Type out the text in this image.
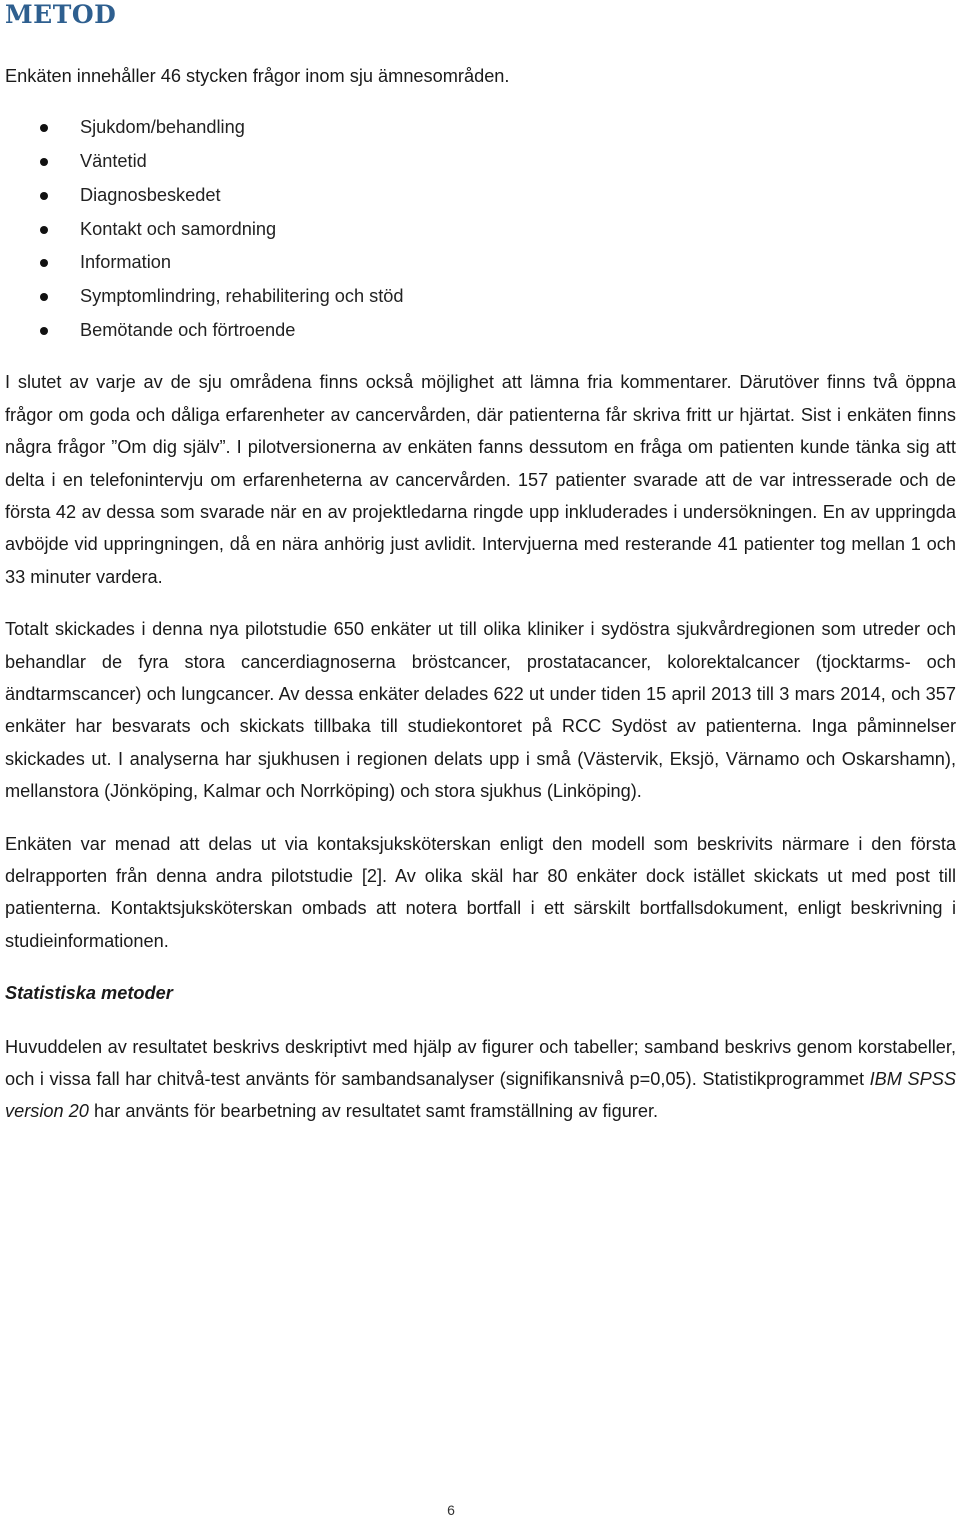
METOD

Enkäten innehåller 46 stycken frågor inom sju ämnesområden.

Sjukdom/behandling
Väntetid
Diagnosbeskedet
Kontakt och samordning
Information
Symptomlindring, rehabilitering och stöd
Bemötande och förtroende

I slutet av varje av de sju områdena finns också möjlighet att lämna fria kommentarer. Därutöver finns två öppna frågor om goda och dåliga erfarenheter av cancervården, där patienterna får skriva fritt ur hjärtat. Sist i enkäten finns några frågor ”Om dig själv”. I pilotversionerna av enkäten fanns dessutom en fråga om patienten kunde tänka sig att delta i en telefonintervju om erfarenheterna av cancervården. 157 patienter svarade att de var intresserade och de första 42 av dessa som svarade när en av projektledarna ringde upp inkluderades i undersökningen. En av uppringda avböjde vid uppringningen, då en nära anhörig just avlidit. Intervjuerna med resterande 41 patienter tog mellan 1 och 33 minuter vardera.

Totalt skickades i denna nya pilotstudie 650 enkäter ut till olika kliniker i sydöstra sjukvårdregionen som utreder och behandlar de fyra stora cancerdiagnoserna bröstcancer, prostatacancer, kolorektalcancer (tjocktarms- och ändtarmscancer) och lungcancer. Av dessa enkäter delades 622 ut under tiden 15 april 2013 till 3 mars 2014, och 357 enkäter har besvarats och skickats tillbaka till studiekontoret på RCC Sydöst av patienterna. Inga påminnelser skickades ut. I analyserna har sjukhusen i regionen delats upp i små (Västervik, Eksjö, Värnamo och Oskarshamn), mellanstora (Jönköping, Kalmar och Norrköping) och stora sjukhus (Linköping).

Enkäten var menad att delas ut via kontaksjuksköterskan enligt den modell som beskrivits närmare i den första delrapporten från denna andra pilotstudie [2]. Av olika skäl har 80 enkäter dock istället skickats ut med post till patienterna. Kontaktsjuksköterskan ombads att notera bortfall i ett särskilt bortfallsdokument, enligt beskrivning i studieinformationen.

Statistiska metoder

Huvuddelen av resultatet beskrivs deskriptivt med hjälp av figurer och tabeller; samband beskrivs genom korstabeller, och i vissa fall har chitvå-test använts för sambandsanalyser (signifikansnivå p=0,05). Statistikprogrammet IBM SPSS version 20 har använts för bearbetning av resultatet samt framställning av figurer.

6
